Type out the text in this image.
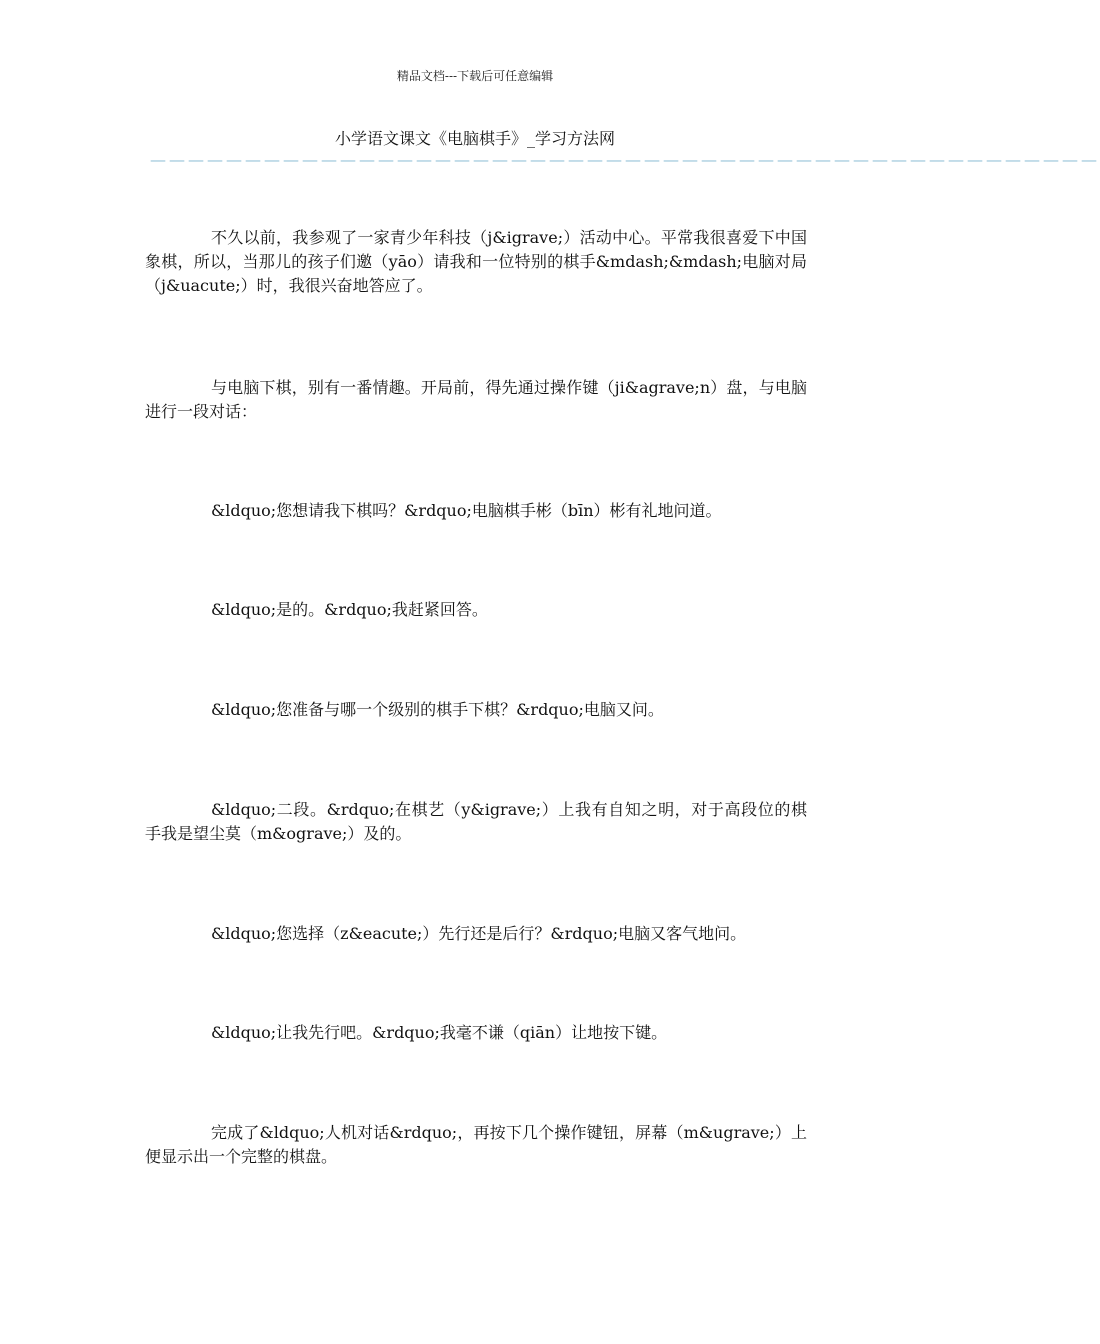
精品文档---下载后可任意编辑
小学语文课文《电脑棋手》_学习方法网
——————————————————————————————————————————————————

不久以前，我参观了一家青少年科技（j&igrave;）活动中心。平常我很喜爱下中国象棋，所以，当那儿的孩子们邀（yāo）请我和一位特别的棋手&mdash;&mdash;电脑对局（j&uacute;）时，我很兴奋地答应了。

与电脑下棋，别有一番情趣。开局前，得先通过操作键（ji&agrave;n）盘，与电脑进行一段对话：

&ldquo;您想请我下棋吗？&rdquo;电脑棋手彬（bīn）彬有礼地问道。

&ldquo;是的。&rdquo;我赶紧回答。

&ldquo;您准备与哪一个级别的棋手下棋？&rdquo;电脑又问。

&ldquo;二段。&rdquo;在棋艺（y&igrave;）上我有自知之明，对于高段位的棋手我是望尘莫（m&ograve;）及的。

&ldquo;您选择（z&eacute;）先行还是后行？&rdquo;电脑又客气地问。

&ldquo;让我先行吧。&rdquo;我毫不谦（qiān）让地按下键。

完成了&ldquo;人机对话&rdquo;，再按下几个操作键钮，屏幕（m&ugrave;）上便显示出一个完整的棋盘。
